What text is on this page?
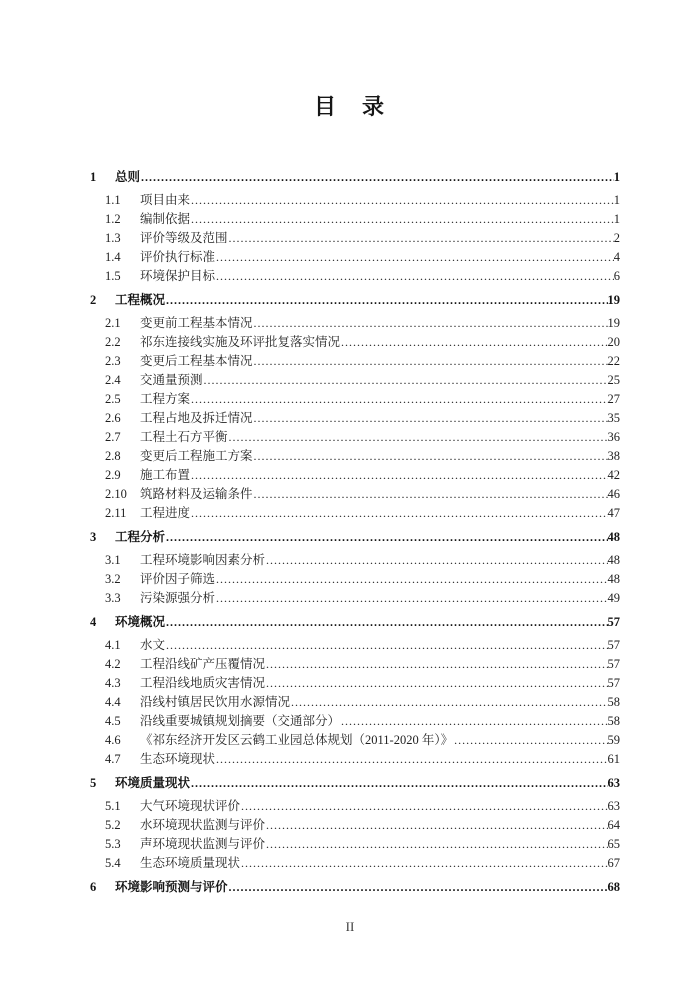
目　录
1	总则 .....	1
1.1	项目由来 .....	1
1.2	编制依据 .....	1
1.3	评价等级及范围 .....	2
1.4	评价执行标准 .....	4
1.5	环境保护目标 .....	6
2	工程概况 .....	19
2.1	变更前工程基本情况 .....	19
2.2	祁东连接线实施及环评批复落实情况 .....	20
2.3	变更后工程基本情况 .....	22
2.4	交通量预测 .....	25
2.5	工程方案 .....	27
2.6	工程占地及拆迁情况 .....	35
2.7	工程土石方平衡 .....	36
2.8	变更后工程施工方案 .....	38
2.9	施工布置 .....	42
2.10	筑路材料及运输条件 .....	46
2.11	工程进度 .....	47
3	工程分析 .....	48
3.1	工程环境影响因素分析 .....	48
3.2	评价因子筛选 .....	48
3.3	污染源强分析 .....	49
4	环境概况 .....	57
4.1	水文 .....	57
4.2	工程沿线矿产压覆情况 .....	57
4.3	工程沿线地质灾害情况 .....	57
4.4	沿线村镇居民饮用水源情况 .....	58
4.5	沿线重要城镇规划摘要（交通部分） .....	58
4.6	《祁东经济开发区云鹤工业园总体规划（2011-2020 年）》 .....	59
4.7	生态环境现状 .....	61
5	环境质量现状 .....	63
5.1	大气环境现状评价 .....	63
5.2	水环境现状监测与评价 .....	64
5.3	声环境现状监测与评价 .....	65
5.4	生态环境质量现状 .....	67
6	环境影响预测与评价 .....	68
II
